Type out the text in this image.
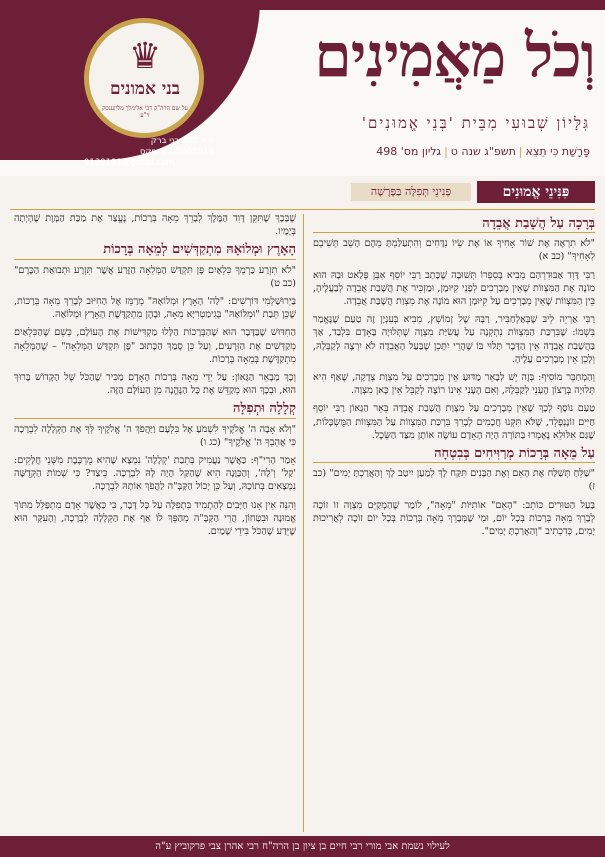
♛
בני אמונים
על שם הרה"ק רבי אלימלך מליזענסק זי"ע
ת.ד 102 בני ברק
03-5065919 :פקס
9139191@gmail.com
וְכֹל מַאֲמִינִים
גִּלָּיוֹן שְׁבוּעִי מִבֵּית 'בְּנֵי אֱמוּנִים'
פָּרָשַׁת כִּי תֵצֵא|תשפ"ג שנה ט|גליון מס' 498
פִּנִּינֵי אֱמוּנִים
פְּנִינֵי תְּפִלָּה בַּפָּרָשָׁה
בְּרָכָה עַל הֲשָׁבַת אֲבֵדָה

"לֹא תִרְאֶה אֶת שׁוֹר אָחִיךָ אוֹ אֶת שֵׂיוֹ נִדָּחִים וְהִתְעַלַּמְתָּ מֵהֶם הָשֵׁב תְּשִׁיבֵם לְאָחִיךָ" (כב א)

רַבִּי דָּוִד אַבּוּדִרְהַם מֵבִיא בְּסִפְרוֹ תְּשׁוּבָה שֶׁכָּתַב רַבִּי יוֹסֵף אִבְּן פְּלַאט וּבָהּ הוּא מוֹנֶה אֶת הַמִּצְווֹת שֶׁאֵין מְבָרְכִים לְפָנֵי קִיּוּמָן, וּמַזְכִּיר אֶת הֲשָׁבַת אֲבֵדָה לְבַעֲלֶיהָ, בֵּין הַמִּצְווֹת שֶׁאֵין מְבָרְכִים עַל קִיּוּמָן הוּא מוֹנֶה אֶת מִצְוַת הֲשָׁבַת אֲבֵדָה.

רַבִּי אַרְיֵה לֵיבּ שֶׁבְּאַלְחַבִּיר, רַבָּהּ שֶׁל זָמוֹשְׁץ, מֵבִיא בְּעִנְיָן זֶה טַעַם שֶׁנֶּאֱמַר בִּשְׁמוֹ: שֶׁבִּרְכַּת הַמִּצְווֹת נִתְקְנָה עַל עֲשִׂיַּת מִצְוָה שֶׁתְּלוּיָה בָּאָדָם בִּלְבַד, אַךְ בַּהֲשָׁבַת אֲבֵדָה אֵין הַדָּבָר תָּלוּי בּוֹ שֶׁהֲרֵי יִתָּכֵן שֶׁבַּעַל הָאֲבֵדָה לֹא יִרְצֶה לְקַבְּלָהּ, וְלָכֵן אֵין מְבָרְכִים עָלֶיהָ.

וְהַמְחַבֵּר מוֹסִיף: בְּזֶה יֵשׁ לְבָאֵר מַדּוּעַ אֵין מְבָרְכִים עַל מִצְוַת צְדָקָה, שֶׁאַף הִיא תְּלוּיָה בְּרָצוֹן הֶעָנִי לְקַבְּלָהּ, וְאִם הֶעָנִי אֵינוֹ רוֹצֶה לְקַבֵּל אֵין כָּאן מִצְוָה.

טַעַם נוֹסָף לְכָךְ שֶׁאֵין מְבָרְכִים עַל מִצְוַת הֲשָׁבַת אֲבֵדָה בֵּאֵר הַגָּאוֹן רַבִּי יוֹסֵף חַיִּים זוֹנֶנְפֶלְד, שֶׁלֹּא תִּקְּנוּ חֲכָמִים לְבָרֵךְ בִּרְכַּת הַמִּצְווֹת עַל הַמִּצְווֹת הַמֻּשְׂכָּלוֹת, שֶׁגַּם אִלּוּלֵא נֶאֶמְרוּ בַּתּוֹרָה הָיָה הָאָדָם עוֹשֶׂה אוֹתָן מִצַּד הַשֵּׂכֶל.

עַל מֵאָה בְּרָכוֹת מְרַוִּיחִים בְּבִטְחָה

"שַׁלֵּחַ תְּשַׁלַּח אֶת הָאֵם וְאֶת הַבָּנִים תִּקַּח לָךְ לְמַעַן יִיטַב לָךְ וְהַאֲרַכְתָּ יָמִים" (כב ז)

בַּעַל הַטּוּרִים כּוֹתֵב: "הָאֵם" אוֹתִיּוֹת "מֵאָה", לוֹמַר שֶׁהַמְקַיֵּם מִצְוָה זוֹ זוֹכֶה לְבָרֵךְ מֵאָה בְּרָכוֹת בְּכָל יוֹם, וּמִי שֶׁמְּבָרֵךְ מֵאָה בְּרָכוֹת בְּכָל יוֹם זוֹכֶה לְאֲרִיכוּת יָמִים, כְּדִכְתִיב "וְהַאֲרַכְתָּ יָמִים".

שֶׁבָּכָךְ שֶׁתִּקֵּן דָּוִד הַמֶּלֶךְ לְבָרֵךְ מֵאָה בְּרָכוֹת, נֶעֱצַר אֶת מַכַּת הַמָּוֶת שֶׁהָיְתָה בְּיָמָיו.

הָאָרֶץ וּמְלוֹאָהּ מִתְקַדְּשִׁים לְמֵאָה בְּרָכוֹת

"לֹא תִזְרַע כַּרְמְךָ כִּלְאָיִם פֶּן תִּקְדַּשׁ הַמְּלֵאָה הַזֶּרַע אֲשֶׁר תִּזְרָע וּתְבוּאַת הַכָּרֶם" (כב ט)

בַּיְרוּשַׁלְמִי דּוֹרְשִׁים: "לַה' הָאָרֶץ וּמְלוֹאָהּ" מְרַמֵּז אֶל הַחִיּוּב לְבָרֵךְ מֵאָה בְּרָכוֹת, שֶׁכֵּן תֵּבַת "וּמְלוֹאָהּ" בְּגִימַטְרִיָּא מֵאָה, וּבָהֶן מִתְקַדֶּשֶׁת הָאָרֶץ וּמְלוֹאָהּ.

הַחִדּוּשׁ שֶׁבַּדָּבָר הוּא שֶׁהַבְּרָכוֹת הַלָּלוּ מַקְדִּישׁוֹת אֶת הָעוֹלָם, כְּשֵׁם שֶׁהַכִּלְאַיִם מְקַדְּשִׁים אֶת הַזְּרָעִים, וְעַל כֵּן סָמַךְ הַכָּתוּב "פֶּן תִּקְדַּשׁ הַמְּלֵאָה" – שֶׁהַמְּלֵאָה מִתְקַדֶּשֶׁת בְּמֵאָה בְּרָכוֹת.

וְכָךְ מְבָאֵר הַגָּאוֹן: עַל יְדֵי מֵאָה בְּרָכוֹת הָאָדָם מַכִּיר שֶׁהַכֹּל שֶׁל הַקָּדוֹשׁ בָּרוּךְ הוּא, וּבְכָךְ הוּא מְקַדֵּשׁ אֶת כָּל הַנֶּהֱנָה מִן הָעוֹלָם הַזֶּה.

קְלָלָה וּתְפִלָּה

"וְלֹא אָבָה ה' אֱלֹקֶיךָ לִשְׁמֹעַ אֶל בִּלְעָם וַיַּהֲפֹךְ ה' אֱלֹקֶיךָ לְּךָ אֶת הַקְּלָלָה לִבְרָכָה כִּי אֲהֵבְךָ ה' אֱלֹקֶיךָ" (כג ו)

אָמַר הָרִי"ף: כַּאֲשֶׁר נַעֲמִיק בְּתֵבַת 'קְלָלָה' נִמְצָא שֶׁהִיא מֻרְכֶּבֶת מִשְּׁנֵי חֲלָקִים: 'קַל' וְ'לָה', וְהַכַּוָּנָה הִיא שֶׁהַקַּל הָיָה לָהּ לִבְרָכָה. כֵּיצַד? כִּי שְׁמוֹת הַקְּדֻשָּׁה נִמְצָאִים בְּתוֹכָהּ, וְעַל כֵּן יָכוֹל הַקָּבָּ"ה לַהֲפֹךְ אוֹתָהּ לִבְרָכָה.

וְהִנֵּה אֵין אָנוּ חַיָּבִים לְהַתְמִיד בִּתְפִלָּה עַל כָּל דָּבָר, כִּי כַּאֲשֶׁר אָדָם מִתְפַּלֵּל מִתּוֹךְ אֱמוּנָה וּבִטָּחוֹן, הֲרֵי הַקָּבָּ"ה מְהַפֵּךְ לוֹ אַף אֶת הַקְּלָלָה לִבְרָכָה, וְהָעִקָּר הוּא שֶׁיֵּדַע שֶׁהַכֹּל בִּידֵי שָׁמַיִם.

לעילוי נשמת אבי מורי רבי חיים בן ציון בן הרה"ח רבי אהרן צבי פרקוביץ ע"ה
